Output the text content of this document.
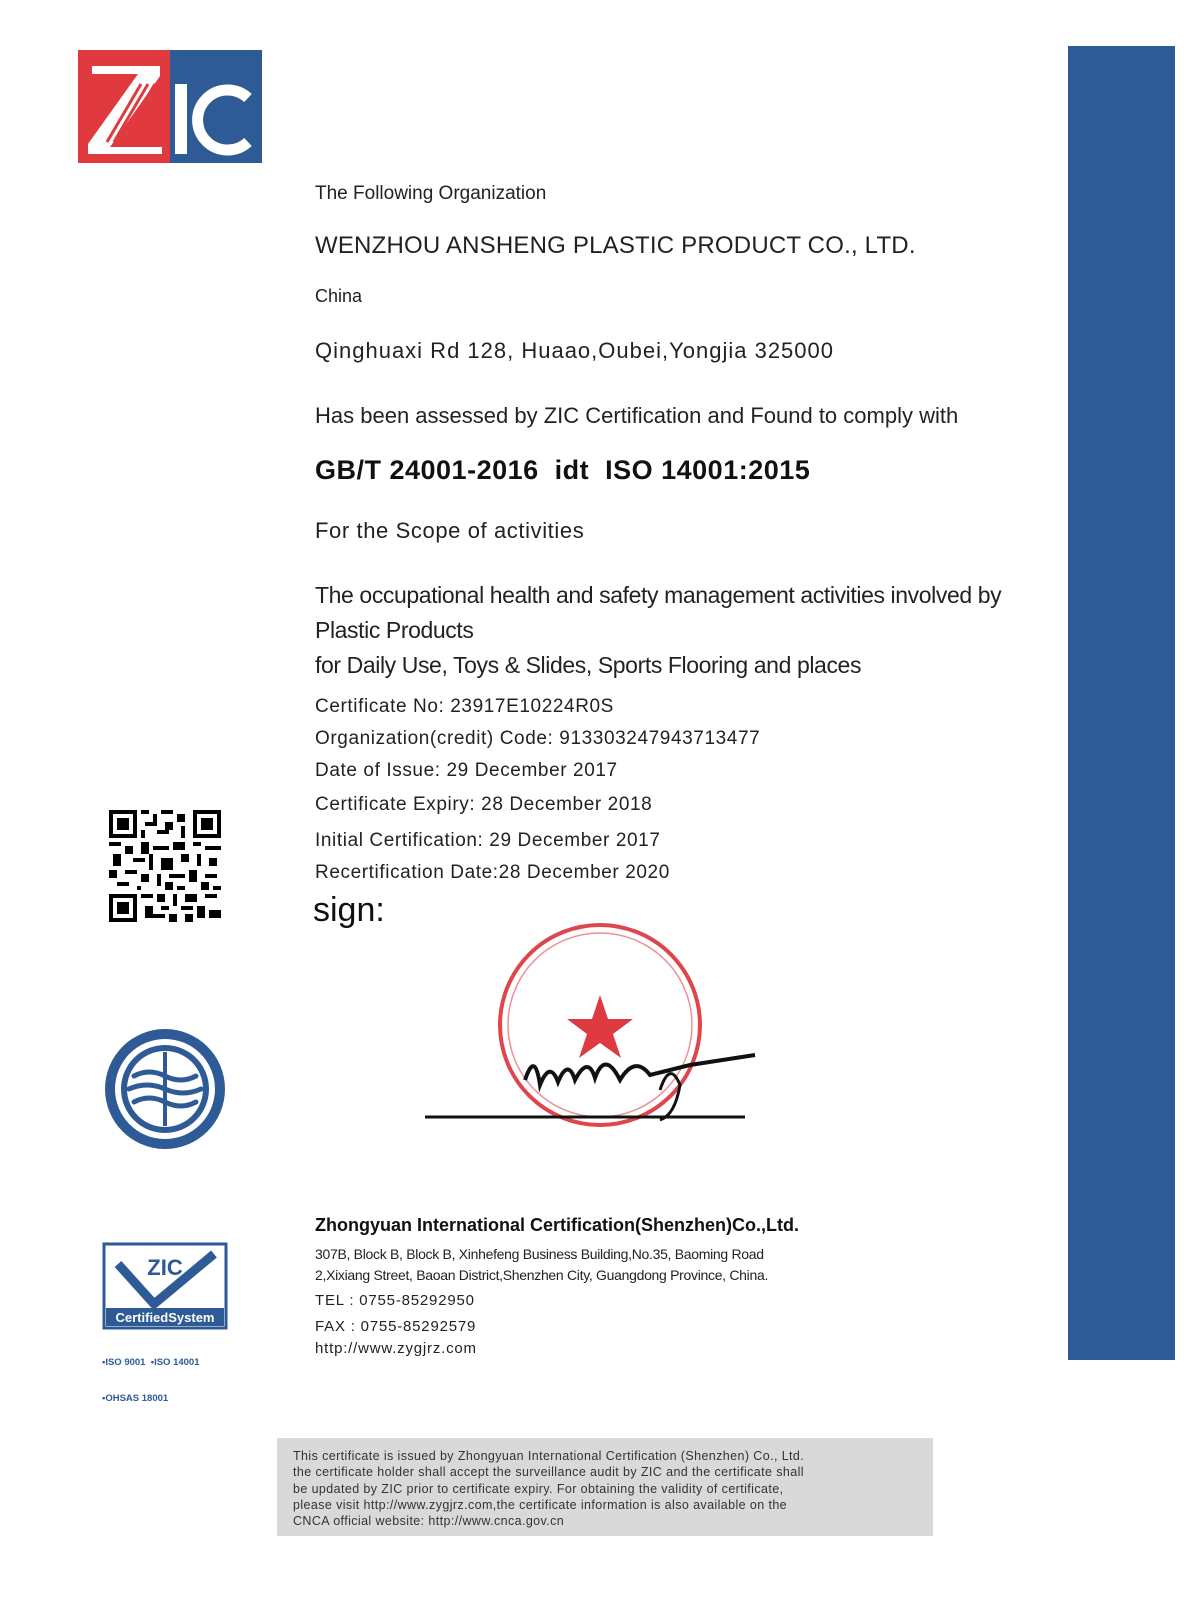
The Following Organization
WENZHOU ANSHENG PLASTIC PRODUCT CO., LTD.
China
Qinghuaxi Rd 128, Huaao,Oubei,Yongjia 325000
Has been assessed by ZIC Certification and Found to comply with
GB/T 24001-2016  idt  ISO 14001:2015
For the Scope of activities
The occupational health and safety management activities involved by Plastic Products
for Daily Use, Toys & Slides, Sports Flooring and places
Certificate No: 23917E10224R0S
Organization(credit) Code: 913303247943713477
Date of Issue: 29 December 2017
Certificate Expiry: 28 December 2018
Initial Certification: 29 December 2017
Recertification Date:28 December 2020
sign:
Zhongyuan International Certification(Shenzhen)Co.,Ltd.
307B, Block B, Block B, Xinhefeng Business Building,No.35, Baoming Road
2,Xixiang Street, Baoan District,Shenzhen City, Guangdong Province, China.
TEL : 0755-85292950
FAX : 0755-85292579
http://www.zygjrz.com
ZIC
CertifiedSystem

•ISO 9001  •ISO 14001

•OHSAS 18001

This certificate is issued by Zhongyuan International Certification (Shenzhen) Co., Ltd.
the certificate holder shall accept the surveillance audit by ZIC and the certificate shall
be updated by ZIC prior to certificate expiry. For obtaining the validity of certificate,
please visit http://www.zygjrz.com,the certificate information is also available on the
CNCA official website: http://www.cnca.gov.cn
